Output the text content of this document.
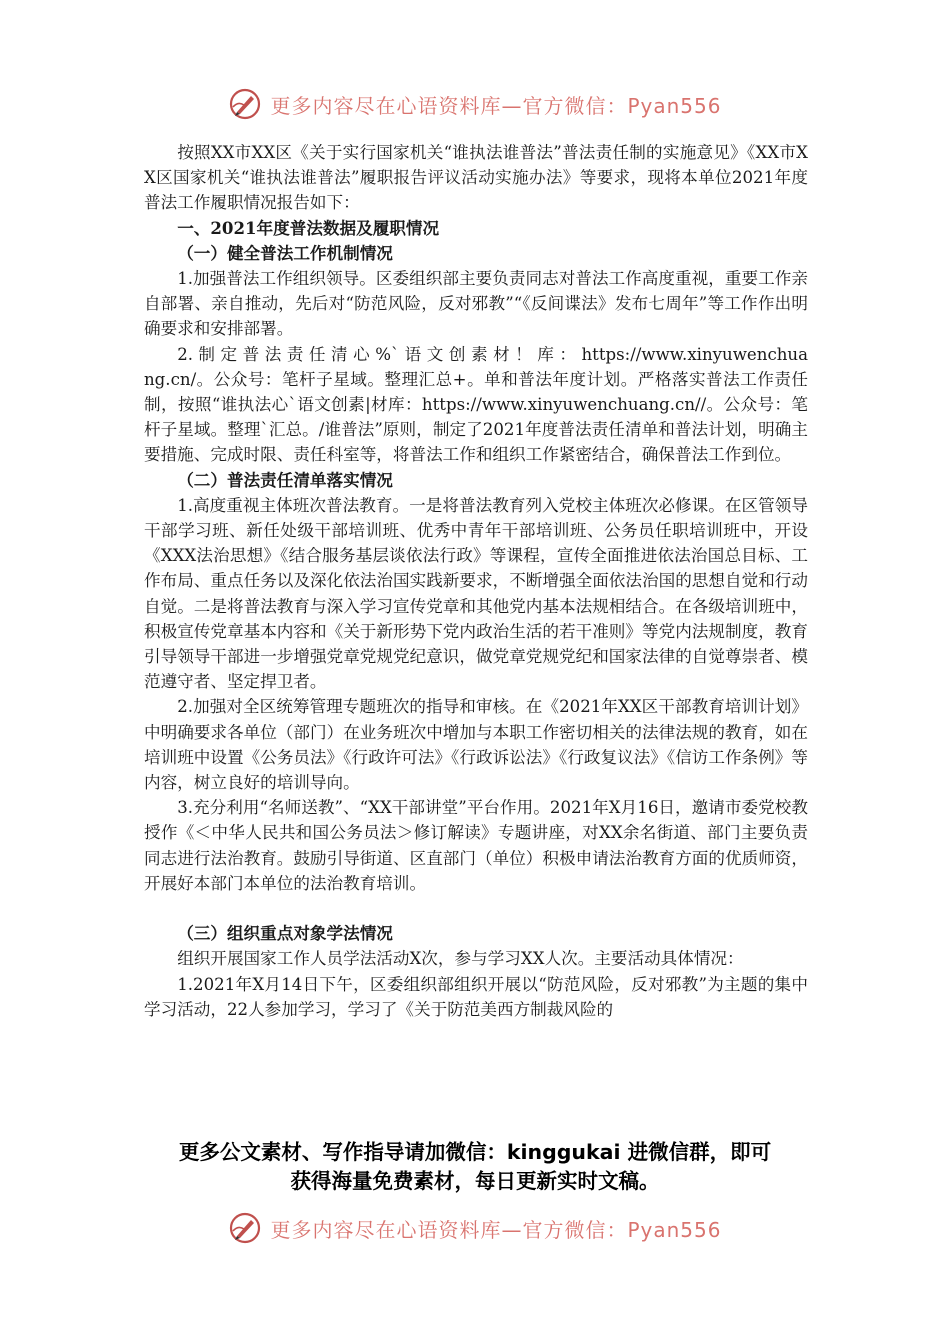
更多内容尽在心语资料库—官方微信：Pyan556

按照XX市XX区《关于实行国家机关“谁执法谁普法”普法责任制的实施意见》《XX市XX区国家机关“谁执法谁普法”履职报告评议活动实施办法》等要求，现将本单位2021年度普法工作履职情况报告如下：

一、2021年度普法数据及履职情况

（一）健全普法工作机制情况

1.加强普法工作组织领导。区委组织部主要负责同志对普法工作高度重视，重要工作亲自部署、亲自推动，先后对“防范风险，反对邪教”“《反间谍法》发布七周年”等工作作出明确要求和安排部署。

2. 制 定 普 法 责 任 清 心 %` 语 文 创 素 材 ！ 库 ： https://www.xinyuwenchuang.cn/。公众号：笔杆子星域。整理汇总+。单和普法年度计划。严格落实普法工作责任制，按照“谁执法心`语文创素|材库：https://www.xinyuwenchuang.cn//。公众号：笔杆子星域。整理`汇总。/谁普法”原则，制定了2021年度普法责任清单和普法计划，明确主要措施、完成时限、责任科室等，将普法工作和组织工作紧密结合，确保普法工作到位。

（二）普法责任清单落实情况

1.高度重视主体班次普法教育。一是将普法教育列入党校主体班次必修课。在区管领导干部学习班、新任处级干部培训班、优秀中青年干部培训班、公务员任职培训班中，开设《XXX法治思想》《结合服务基层谈依法行政》等课程，宣传全面推进依法治国总目标、工作布局、重点任务以及深化依法治国实践新要求，不断增强全面依法治国的思想自觉和行动自觉。二是将普法教育与深入学习宣传党章和其他党内基本法规相结合。在各级培训班中，积极宣传党章基本内容和《关于新形势下党内政治生活的若干准则》等党内法规制度，教育引导领导干部进一步增强党章党规党纪意识，做党章党规党纪和国家法律的自觉尊崇者、模范遵守者、坚定捍卫者。

2.加强对全区统筹管理专题班次的指导和审核。在《2021年XX区干部教育培训计划》中明确要求各单位（部门）在业务班次中增加与本职工作密切相关的法律法规的教育，如在培训班中设置《公务员法》《行政许可法》《行政诉讼法》《行政复议法》《信访工作条例》等内容，树立良好的培训导向。

3.充分利用“名师送教”、“XX干部讲堂”平台作用。2021年X月16日，邀请市委党校教授作《＜中华人民共和国公务员法＞修订解读》专题讲座，对XX余名街道、部门主要负责同志进行法治教育。鼓励引导街道、区直部门（单位）积极申请法治教育方面的优质师资，开展好本部门本单位的法治教育培训。

（三）组织重点对象学法情况

组织开展国家工作人员学法活动X次，参与学习XX人次。主要活动具体情况：

1.2021年X月14日下午，区委组织部组织开展以“防范风险，反对邪教”为主题的集中学习活动，22人参加学习，学习了《关于防范美西方制裁风险的

更多公文素材、写作指导请加微信：kinggukai 进微信群，即可
获得海量免费素材，每日更新实时文稿。
更多内容尽在心语资料库—官方微信：Pyan556
